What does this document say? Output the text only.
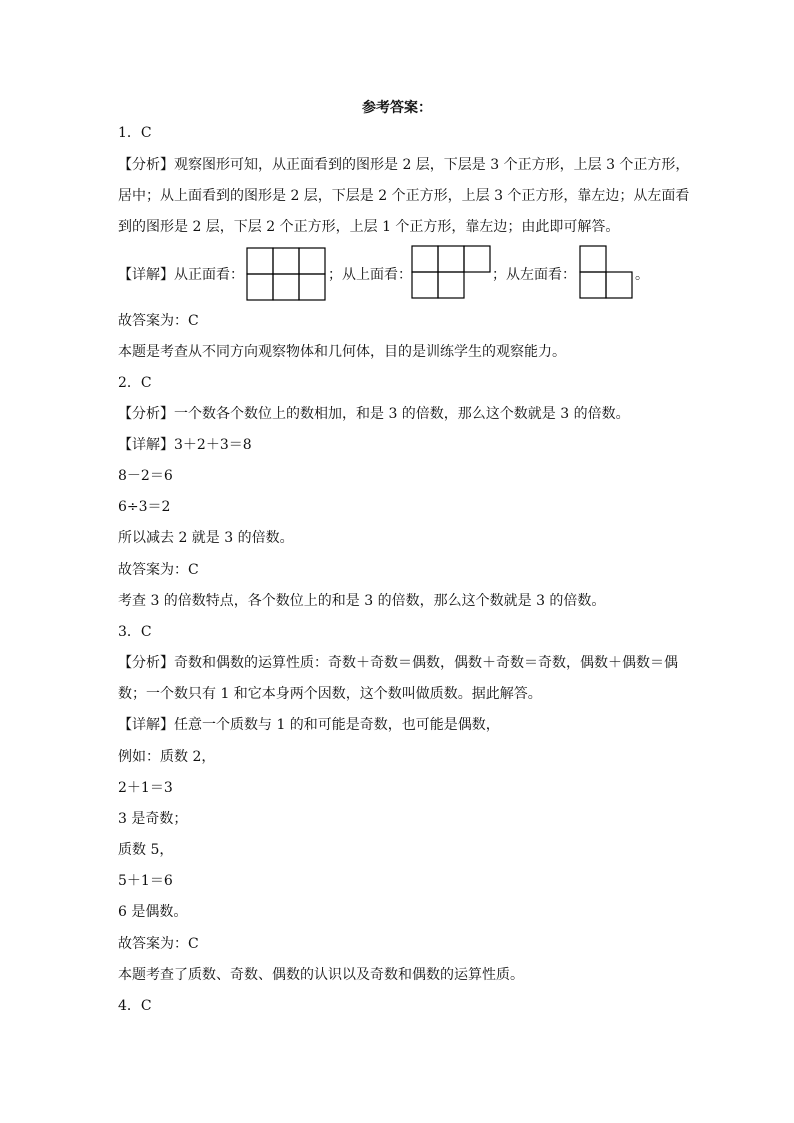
参考答案：
1．C
【分析】观察图形可知，从正面看到的图形是 2 层，下层是 3 个正方形，上层 3 个正方形，
居中；从上面看到的图形是 2 层，下层是 2 个正方形，上层 3 个正方形，靠左边；从左面看
到的图形是 2 层，下层 2 个正方形，上层 1 个正方形，靠左边；由此即可解答。
【详解】从正面看：	；从上面看：	；从左面看：	。
故答案为：C
本题是考查从不同方向观察物体和几何体，目的是训练学生的观察能力。
2．C
【分析】一个数各个数位上的数相加，和是 3 的倍数，那么这个数就是 3 的倍数。
【详解】3＋2＋3＝8
8－2＝6
6÷3＝2
所以减去 2 就是 3 的倍数。
故答案为：C
考查 3 的倍数特点，各个数位上的和是 3 的倍数，那么这个数就是 3 的倍数。
3．C
【分析】奇数和偶数的运算性质：奇数＋奇数＝偶数，偶数＋奇数＝奇数，偶数＋偶数＝偶
数；一个数只有 1 和它本身两个因数，这个数叫做质数。据此解答。
【详解】任意一个质数与 1 的和可能是奇数，也可能是偶数，
例如：质数 2，
2＋1＝3
3 是奇数；
质数 5，
5＋1＝6
6 是偶数。
故答案为：C
本题考查了质数、奇数、偶数的认识以及奇数和偶数的运算性质。
4．C
